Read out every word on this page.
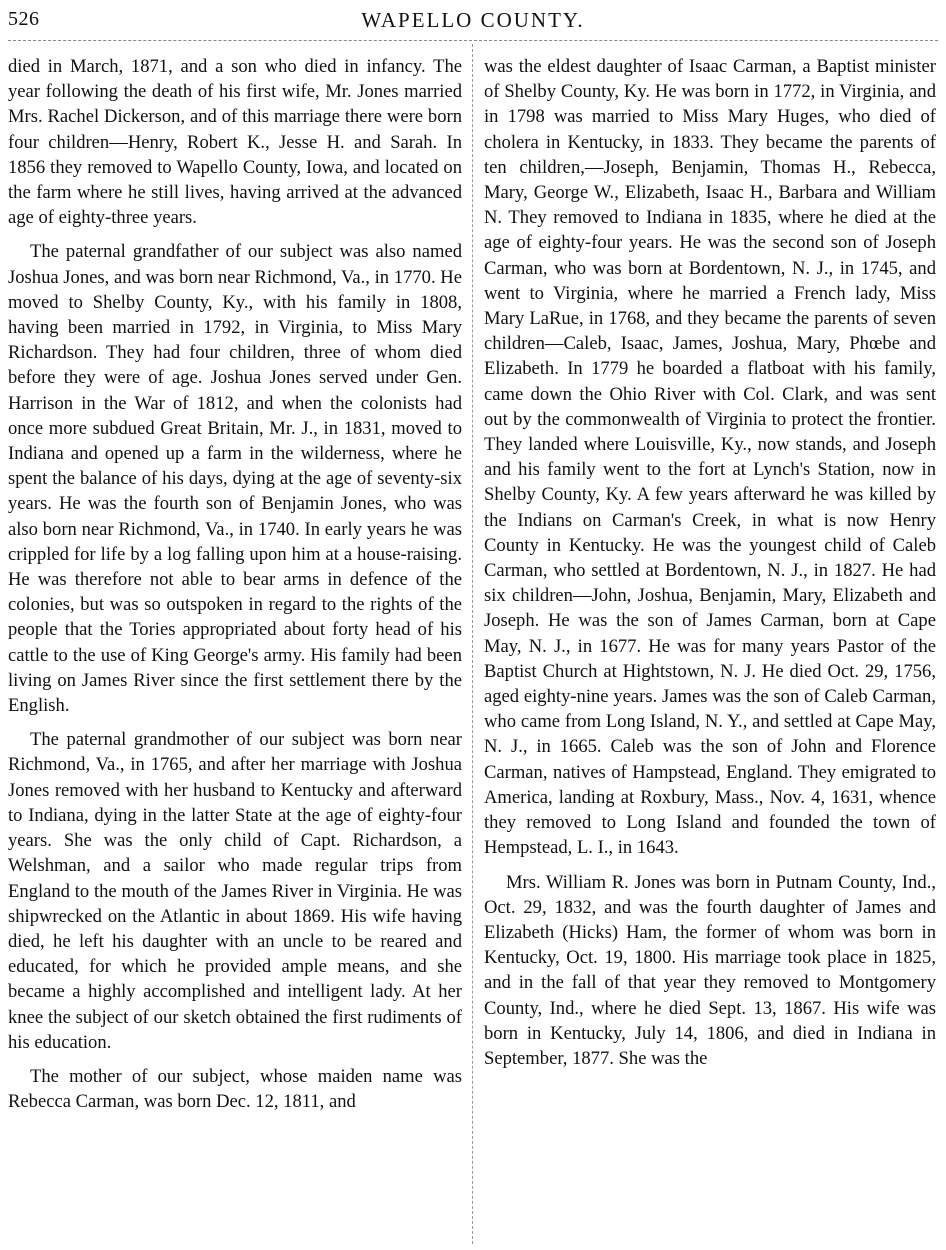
526	WAPELLO COUNTY.

died in March, 1871, and a son who died in infancy. The year following the death of his first wife, Mr. Jones married Mrs. Rachel Dickerson, and of this marriage there were born four children—Henry, Robert K., Jesse H. and Sarah. In 1856 they removed to Wapello County, Iowa, and located on the farm where he still lives, having arrived at the advanced age of eighty-three years.

The paternal grandfather of our subject was also named Joshua Jones, and was born near Richmond, Va., in 1770. He moved to Shelby County, Ky., with his family in 1808, having been married in 1792, in Virginia, to Miss Mary Richardson. They had four children, three of whom died before they were of age. Joshua Jones served under Gen. Harrison in the War of 1812, and when the colonists had once more subdued Great Britain, Mr. J., in 1831, moved to Indiana and opened up a farm in the wilderness, where he spent the balance of his days, dying at the age of seventy-six years. He was the fourth son of Benjamin Jones, who was also born near Richmond, Va., in 1740. In early years he was crippled for life by a log falling upon him at a house-raising. He was therefore not able to bear arms in defence of the colonies, but was so outspoken in regard to the rights of the people that the Tories appropriated about forty head of his cattle to the use of King George's army. His family had been living on James River since the first settlement there by the English.

The paternal grandmother of our subject was born near Richmond, Va., in 1765, and after her marriage with Joshua Jones removed with her husband to Kentucky and afterward to Indiana, dying in the latter State at the age of eighty-four years. She was the only child of Capt. Richardson, a Welshman, and a sailor who made regular trips from England to the mouth of the James River in Virginia. He was shipwrecked on the Atlantic in about 1869. His wife having died, he left his daughter with an uncle to be reared and educated, for which he provided ample means, and she became a highly accomplished and intelligent lady. At her knee the subject of our sketch obtained the first rudiments of his education.

The mother of our subject, whose maiden name was Rebecca Carman, was born Dec. 12, 1811, and

was the eldest daughter of Isaac Carman, a Baptist minister of Shelby County, Ky. He was born in 1772, in Virginia, and in 1798 was married to Miss Mary Huges, who died of cholera in Kentucky, in 1833. They became the parents of ten children,—Joseph, Benjamin, Thomas H., Rebecca, Mary, George W., Elizabeth, Isaac H., Barbara and William N. They removed to Indiana in 1835, where he died at the age of eighty-four years. He was the second son of Joseph Carman, who was born at Bordentown, N. J., in 1745, and went to Virginia, where he married a French lady, Miss Mary LaRue, in 1768, and they became the parents of seven children—Caleb, Isaac, James, Joshua, Mary, Phœbe and Elizabeth. In 1779 he boarded a flatboat with his family, came down the Ohio River with Col. Clark, and was sent out by the commonwealth of Virginia to protect the frontier. They landed where Louisville, Ky., now stands, and Joseph and his family went to the fort at Lynch's Station, now in Shelby County, Ky. A few years afterward he was killed by the Indians on Carman's Creek, in what is now Henry County in Kentucky. He was the youngest child of Caleb Carman, who settled at Bordentown, N. J., in 1827. He had six children—John, Joshua, Benjamin, Mary, Elizabeth and Joseph. He was the son of James Carman, born at Cape May, N. J., in 1677. He was for many years Pastor of the Baptist Church at Hightstown, N. J. He died Oct. 29, 1756, aged eighty-nine years. James was the son of Caleb Carman, who came from Long Island, N. Y., and settled at Cape May, N. J., in 1665. Caleb was the son of John and Florence Carman, natives of Hampstead, England. They emigrated to America, landing at Roxbury, Mass., Nov. 4, 1631, whence they removed to Long Island and founded the town of Hempstead, L. I., in 1643.

Mrs. William R. Jones was born in Putnam County, Ind., Oct. 29, 1832, and was the fourth daughter of James and Elizabeth (Hicks) Ham, the former of whom was born in Kentucky, Oct. 19, 1800. His marriage took place in 1825, and in the fall of that year they removed to Montgomery County, Ind., where he died Sept. 13, 1867. His wife was born in Kentucky, July 14, 1806, and died in Indiana in September, 1877. She was the
